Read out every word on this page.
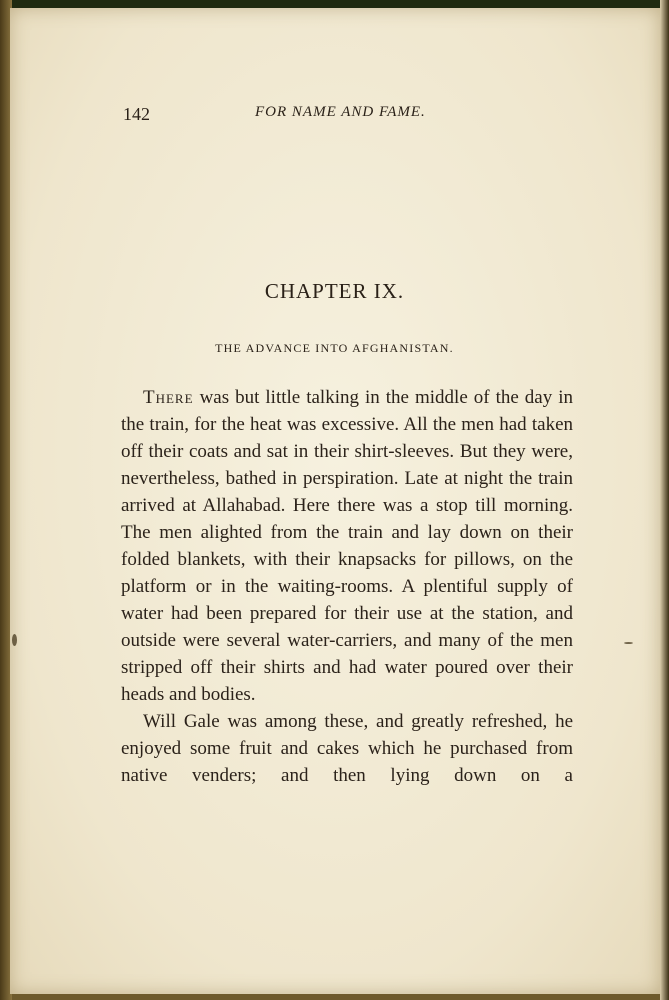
142	FOR NAME AND FAME.
CHAPTER IX.
THE ADVANCE INTO AFGHANISTAN.

There was but little talking in the middle of the day in the train, for the heat was excessive. All the men had taken off their coats and sat in their shirt-sleeves. But they were, nevertheless, bathed in perspiration. Late at night the train arrived at Allahabad. Here there was a stop till morning. The men alighted from the train and lay down on their folded blankets, with their knapsacks for pillows, on the platform or in the waiting-rooms. A plentiful supply of water had been prepared for their use at the station, and outside were several water-carriers, and many of the men stripped off their shirts and had water poured over their heads and bodies.

Will Gale was among these, and greatly refreshed, he enjoyed some fruit and cakes which he purchased from native venders; and then lying down on a
